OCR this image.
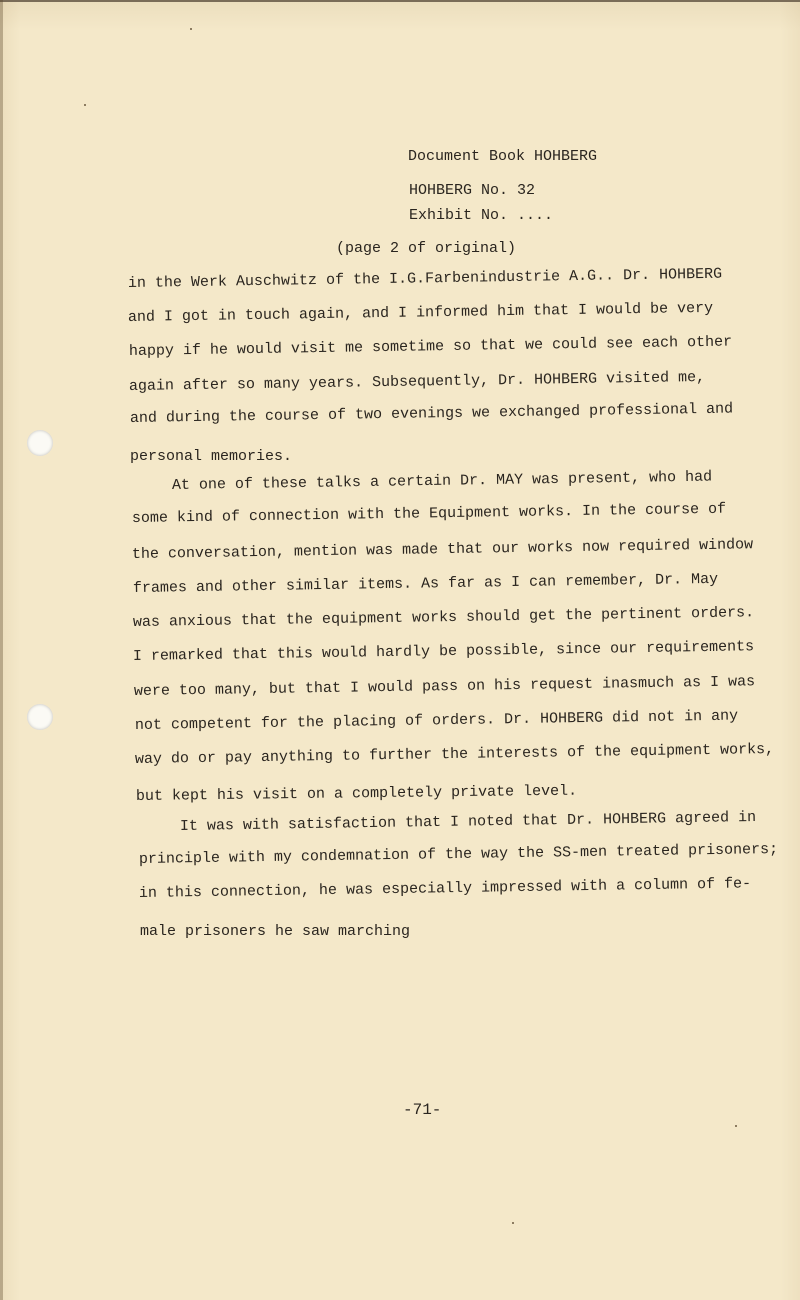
Document Book HOHBERG
HOHBERG No. 32
Exhibit No. ....
(page 2 of original)
in the Werk Auschwitz of the I.G.Farbenindustrie A.G.. Dr. HOHBERG
and I got in touch again, and I informed him that I would be very
happy if he would visit me sometime so that we could see each other
again after so many years. Subsequently, Dr. HOHBERG visited me,
and during the course of two evenings we exchanged professional and
personal memories.
At one of these talks a certain Dr. MAY was present, who had
some kind of connection with the Equipment works. In the course of
the conversation, mention was made that our works now required window
frames and other similar items. As far as I can remember, Dr. May
was anxious that the equipment works should get the pertinent orders.
I remarked that this would hardly be possible, since our requirements
were too many, but that I would pass on his request inasmuch as I was
not competent for the placing of orders. Dr. HOHBERG did not in any
way do or pay anything to further the interests of the equipment works,
but kept his visit on a completely private level.
It was with satisfaction that I noted that Dr. HOHBERG agreed in
principle with my condemnation of the way the SS-men treated prisoners;
in this connection, he was especially impressed with a column of fe-
male prisoners he saw marching
-71-
